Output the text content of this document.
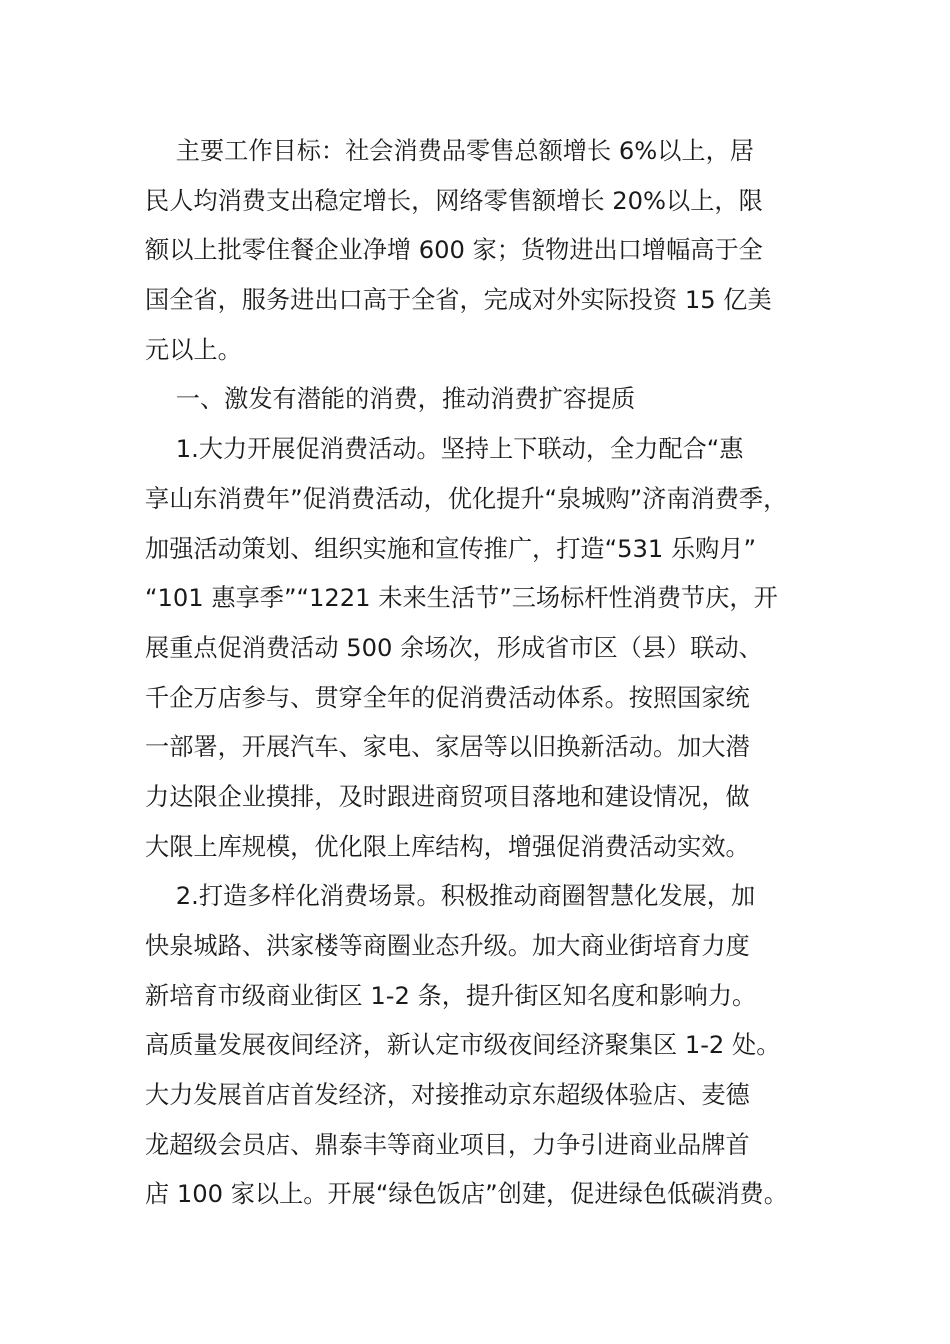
主要工作目标：社会消费品零售总额增长 6%以上，居
民人均消费支出稳定增长，网络零售额增长 20%以上，限
额以上批零住餐企业净增 600 家；货物进出口增幅高于全
国全省，服务进出口高于全省，完成对外实际投资 15 亿美
元以上。
一、激发有潜能的消费，推动消费扩容提质
1.大力开展促消费活动。坚持上下联动，全力配合“惠
享山东消费年”促消费活动，优化提升“泉城购”济南消费季，
加强活动策划、组织实施和宣传推广，打造“531 乐购月”
“101 惠享季”“1221 未来生活节”三场标杆性消费节庆，开
展重点促消费活动 500 余场次，形成省市区（县）联动、
千企万店参与、贯穿全年的促消费活动体系。按照国家统
一部署，开展汽车、家电、家居等以旧换新活动。加大潜
力达限企业摸排，及时跟进商贸项目落地和建设情况，做
大限上库规模，优化限上库结构，增强促消费活动实效。
2.打造多样化消费场景。积极推动商圈智慧化发展，加
快泉城路、洪家楼等商圈业态升级。加大商业街培育力度
新培育市级商业街区 1-2 条，提升街区知名度和影响力。
高质量发展夜间经济，新认定市级夜间经济聚集区 1-2 处。
大力发展首店首发经济，对接推动京东超级体验店、麦德
龙超级会员店、鼎泰丰等商业项目，力争引进商业品牌首
店 100 家以上。开展“绿色饭店”创建，促进绿色低碳消费。
